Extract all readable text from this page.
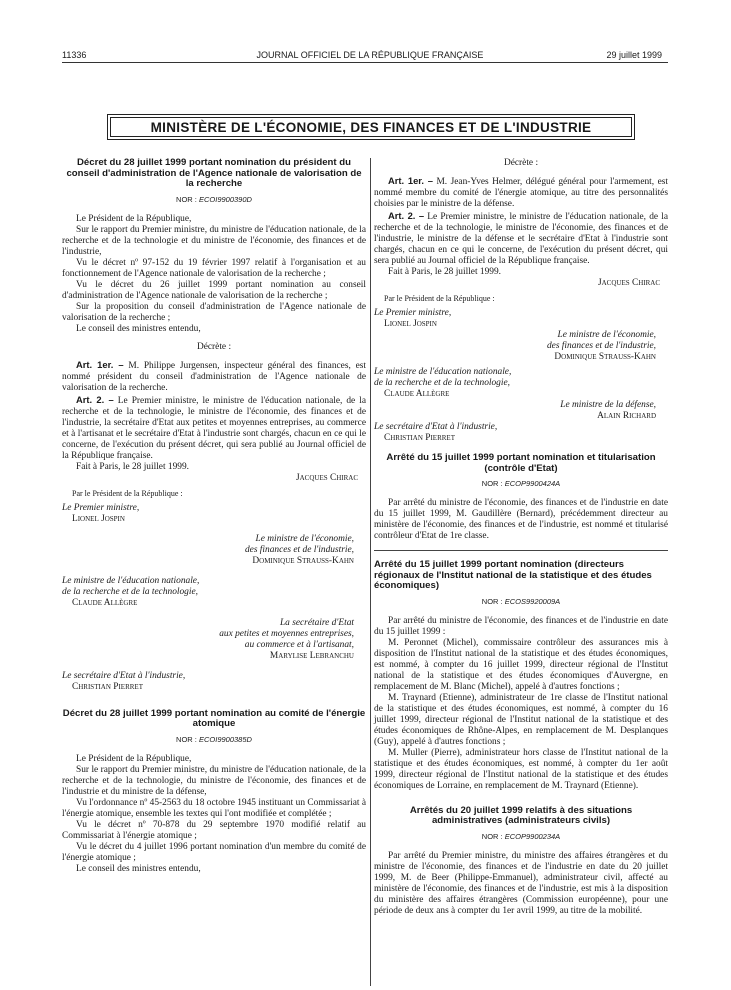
11336	JOURNAL OFFICIEL DE LA RÉPUBLIQUE FRANÇAISE	29 juillet 1999
MINISTÈRE DE L'ÉCONOMIE, DES FINANCES ET DE L'INDUSTRIE
Décret du 28 juillet 1999 portant nomination du président du conseil d'administration de l'Agence nationale de valorisation de la recherche
NOR : ECOI9900390D

Le Président de la République,

Sur le rapport du Premier ministre, du ministre de l'éducation nationale, de la recherche et de la technologie et du ministre de l'économie, des finances et de l'industrie,

Vu le décret nº 97-152 du 19 février 1997 relatif à l'organisation et au fonctionnement de l'Agence nationale de valorisation de la recherche ;

Vu le décret du 26 juillet 1999 portant nomination au conseil d'administration de l'Agence nationale de valorisation de la recherche ;

Sur la proposition du conseil d'administration de l'Agence nationale de valorisation de la recherche ;

Le conseil des ministres entendu,

Décrète :

Art. 1er. – M. Philippe Jurgensen, inspecteur général des finances, est nommé président du conseil d'administration de l'Agence nationale de valorisation de la recherche.

Art. 2. – Le Premier ministre, le ministre de l'éducation nationale, de la recherche et de la technologie, le ministre de l'économie, des finances et de l'industrie, la secrétaire d'Etat aux petites et moyennes entreprises, au commerce et à l'artisanat et le secrétaire d'Etat à l'industrie sont chargés, chacun en ce qui le concerne, de l'exécution du présent décret, qui sera publié au Journal officiel de la République française.

Fait à Paris, le 28 juillet 1999.

Jacques Chirac

Par le Président de la République :

Le Premier ministre,

Lionel Jospin

Le ministre de l'économie,

des finances et de l'industrie,

Dominique Strauss-Kahn

Le ministre de l'éducation nationale,

de la recherche et de la technologie,

Claude Allègre

La secrétaire d'Etat

aux petites et moyennes entreprises,

au commerce et à l'artisanat,

Marylise Lebranchu

Le secrétaire d'Etat à l'industrie,

Christian Pierret

Décret du 28 juillet 1999 portant nomination au comité de l'énergie atomique
NOR : ECOI9900385D

Le Président de la République,

Sur le rapport du Premier ministre, du ministre de l'éducation nationale, de la recherche et de la technologie, du ministre de l'économie, des finances et de l'industrie et du ministre de la défense,

Vu l'ordonnance nº 45-2563 du 18 octobre 1945 instituant un Commissariat à l'énergie atomique, ensemble les textes qui l'ont modifiée et complétée ;

Vu le décret nº 70-878 du 29 septembre 1970 modifié relatif au Commissariat à l'énergie atomique ;

Vu le décret du 4 juillet 1996 portant nomination d'un membre du comité de l'énergie atomique ;

Le conseil des ministres entendu,

Décrète :

Art. 1er. – M. Jean-Yves Helmer, délégué général pour l'armement, est nommé membre du comité de l'énergie atomique, au titre des personnalités choisies par le ministre de la défense.

Art. 2. – Le Premier ministre, le ministre de l'éducation nationale, de la recherche et de la technologie, le ministre de l'économie, des finances et de l'industrie, le ministre de la défense et le secrétaire d'Etat à l'industrie sont chargés, chacun en ce qui le concerne, de l'exécution du présent décret, qui sera publié au Journal officiel de la République française.

Fait à Paris, le 28 juillet 1999.

Jacques Chirac

Par le Président de la République :

Le Premier ministre,

Lionel Jospin

Le ministre de l'économie,

des finances et de l'industrie,

Dominique Strauss-Kahn

Le ministre de l'éducation nationale,

de la recherche et de la technologie,

Claude Allègre

Le ministre de la défense,

Alain Richard

Le secrétaire d'Etat à l'industrie,

Christian Pierret

Arrêté du 15 juillet 1999 portant nomination et titularisation (contrôle d'Etat)
NOR : ECOP9900424A

Par arrêté du ministre de l'économie, des finances et de l'industrie en date du 15 juillet 1999, M. Gaudillère (Bernard), précédemment directeur au ministère de l'économie, des finances et de l'industrie, est nommé et titularisé contrôleur d'Etat de 1re classe.

Arrêté du 15 juillet 1999 portant nomination (directeurs régionaux de l'Institut national de la statistique et des études économiques)
NOR : ECOS9920009A

Par arrêté du ministre de l'économie, des finances et de l'industrie en date du 15 juillet 1999 :

M. Peronnet (Michel), commissaire contrôleur des assurances mis à disposition de l'Institut national de la statistique et des études économiques, est nommé, à compter du 16 juillet 1999, directeur régional de l'Institut national de la statistique et des études économiques d'Auvergne, en remplacement de M. Blanc (Michel), appelé à d'autres fonctions ;

M. Traynard (Etienne), administrateur de 1re classe de l'Institut national de la statistique et des études économiques, est nommé, à compter du 16 juillet 1999, directeur régional de l'Institut national de la statistique et des études économiques de Rhône-Alpes, en remplacement de M. Desplanques (Guy), appelé à d'autres fonctions ;

M. Muller (Pierre), administrateur hors classe de l'Institut national de la statistique et des études économiques, est nommé, à compter du 1er août 1999, directeur régional de l'Institut national de la statistique et des études économiques de Lorraine, en remplacement de M. Traynard (Etienne).

Arrêtés du 20 juillet 1999 relatifs à des situations administratives (administrateurs civils)
NOR : ECOP9900234A

Par arrêté du Premier ministre, du ministre des affaires étrangères et du ministre de l'économie, des finances et de l'industrie en date du 20 juillet 1999, M. de Beer (Philippe-Emmanuel), administrateur civil, affecté au ministère de l'économie, des finances et de l'industrie, est mis à la disposition du ministère des affaires étrangères (Commission européenne), pour une période de deux ans à compter du 1er avril 1999, au titre de la mobilité.
